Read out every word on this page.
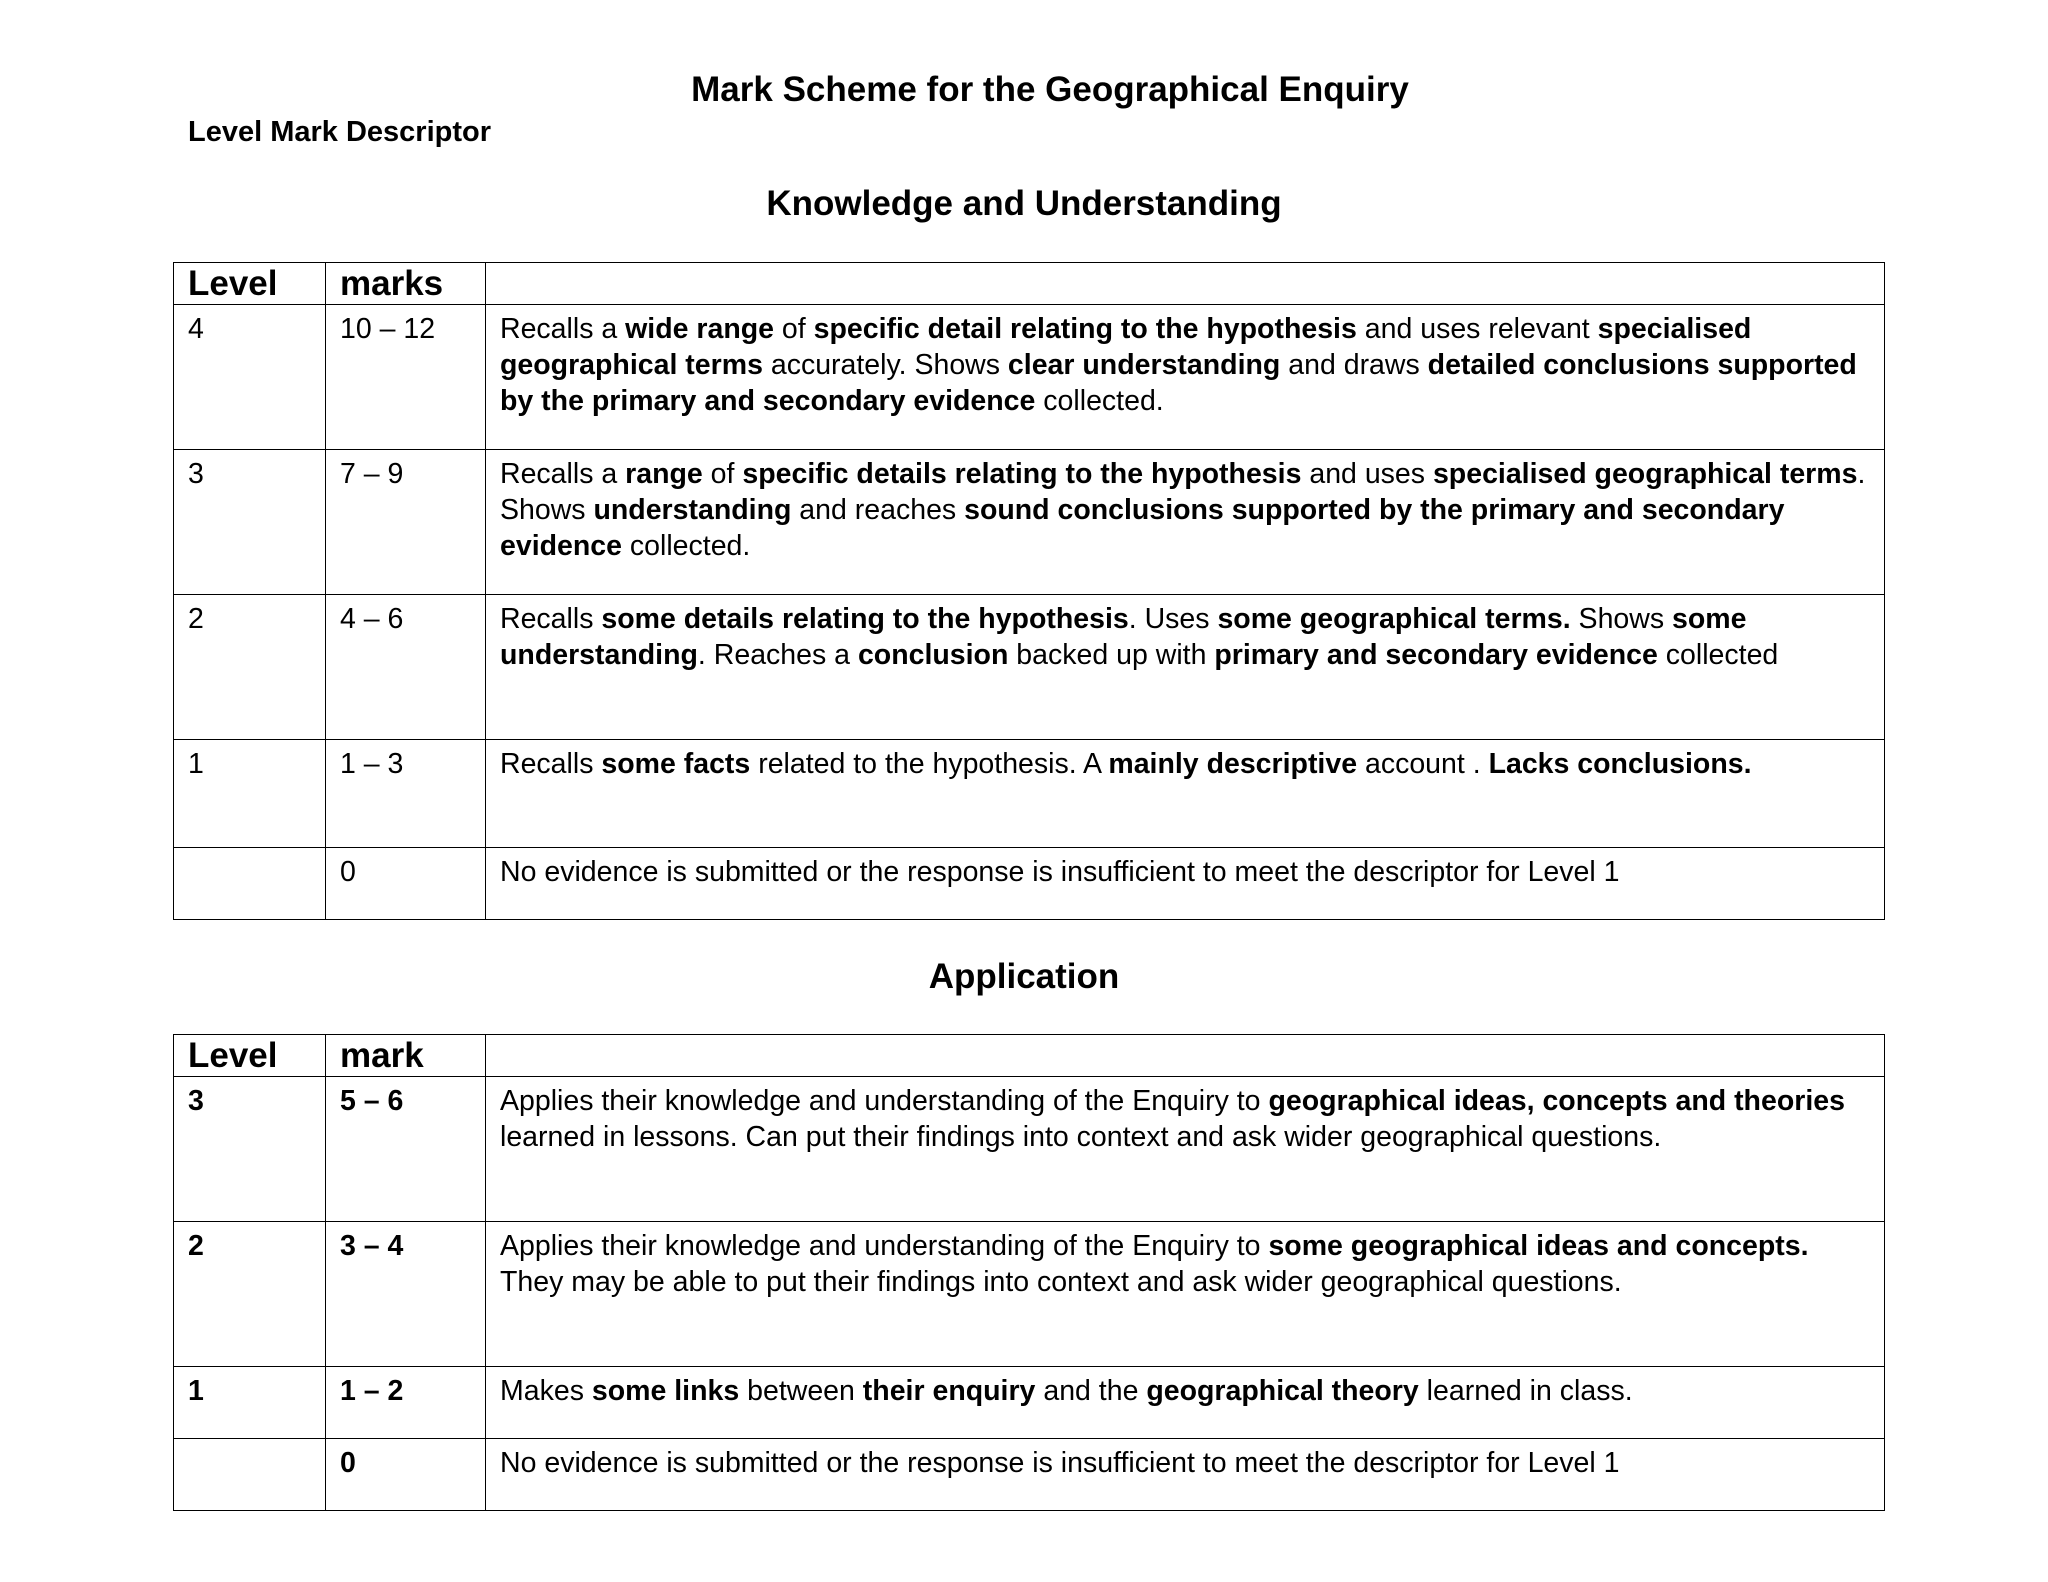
Mark Scheme for the Geographical Enquiry
Level Mark Descriptor
Knowledge and Understanding
Level	marks	
4	10 – 12	Recalls a wide range of specific detail relating to the hypothesis and uses relevant specialised geographical terms accurately. Shows clear understanding and draws detailed conclusions supported by the primary and secondary evidence collected.
3	7 – 9	Recalls a range of specific details relating to the hypothesis and uses specialised geographical terms. Shows understanding and reaches sound conclusions supported by the primary and secondary evidence collected.
2	4 – 6	Recalls some details relating to the hypothesis. Uses some geographical terms. Shows some understanding. Reaches a conclusion backed up with primary and secondary evidence collected
1	1 – 3	Recalls some facts related to the hypothesis. A mainly descriptive account . Lacks conclusions.
	0	No evidence is submitted or the response is insufficient to meet the descriptor for Level 1
Application
Level	mark	
3	5 – 6	Applies their knowledge and understanding of the Enquiry to geographical ideas, concepts and theories learned in lessons. Can put their findings into context and ask wider geographical questions.
2	3 – 4	Applies their knowledge and understanding of the Enquiry to some geographical ideas and concepts. They may be able to put their findings into context and ask wider geographical questions.
1	1 – 2	Makes some links between their enquiry and the geographical theory learned in class.
	0	No evidence is submitted or the response is insufficient to meet the descriptor for Level 1
